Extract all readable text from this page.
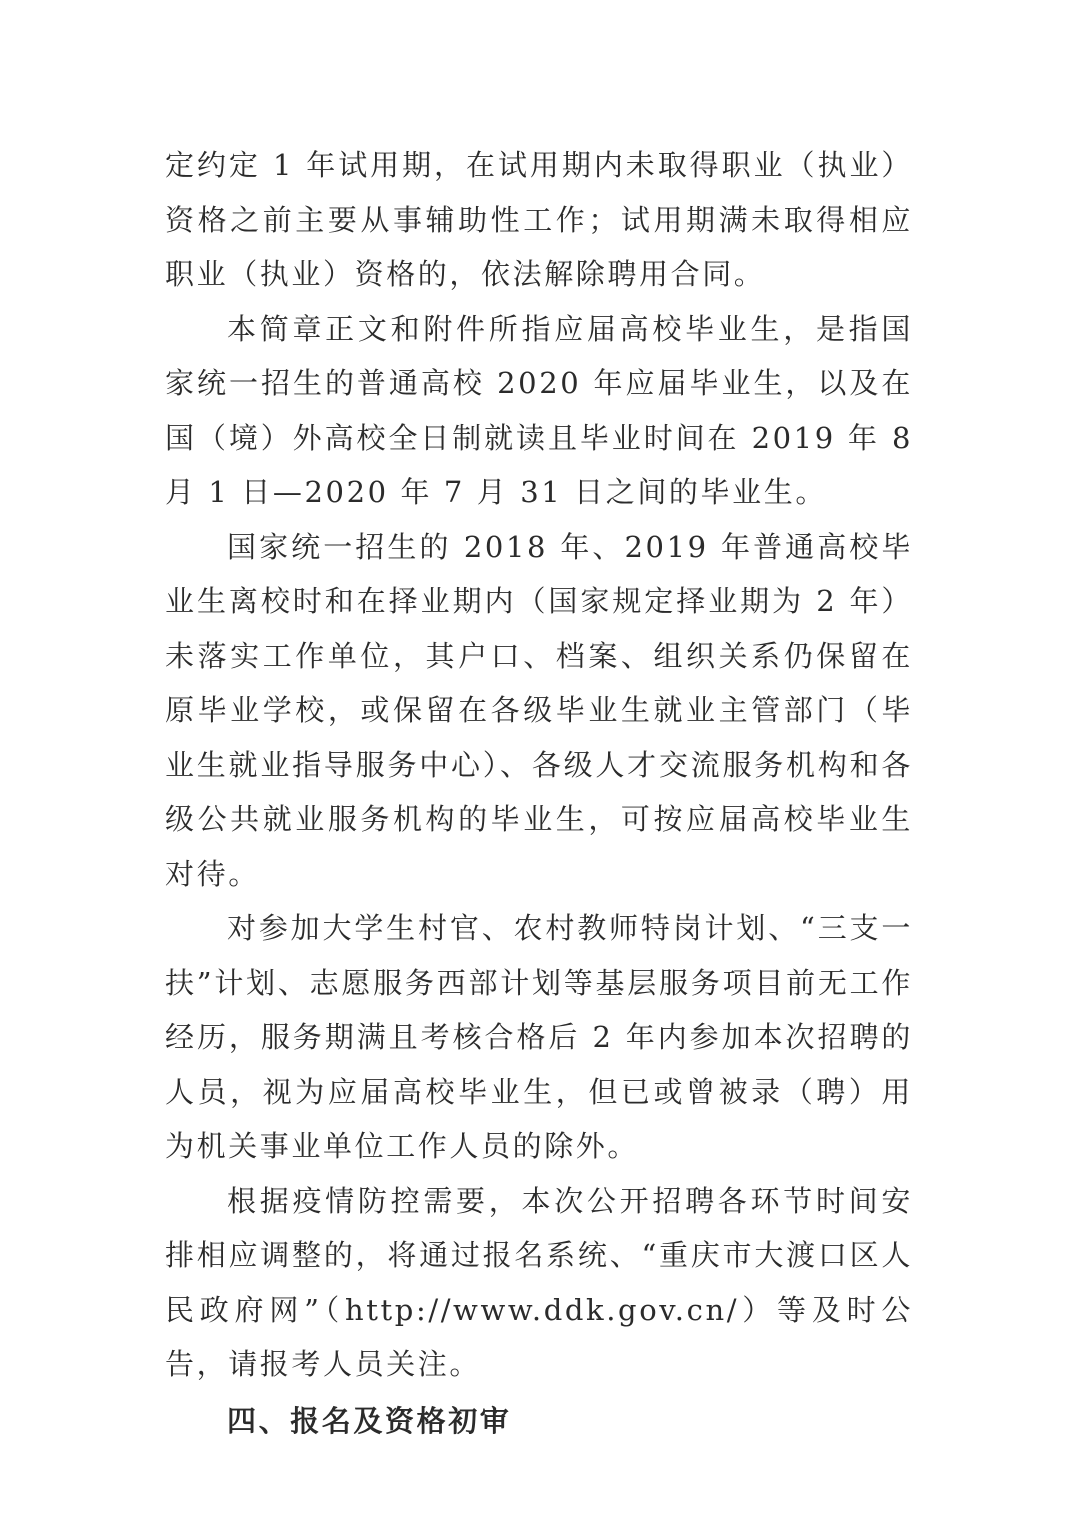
定约定 1 年试用期，在试用期内未取得职业（执业）资格之前主要从事辅助性工作；试用期满未取得相应职业（执业）资格的，依法解除聘用合同。

本简章正文和附件所指应届高校毕业生，是指国家统一招生的普通高校 2020 年应届毕业生，以及在国（境）外高校全日制就读且毕业时间在 2019 年 8 月 1 日—2020 年 7 月 31 日之间的毕业生。

国家统一招生的 2018 年、2019 年普通高校毕业生离校时和在择业期内（国家规定择业期为 2 年）未落实工作单位，其户口、档案、组织关系仍保留在原毕业学校，或保留在各级毕业生就业主管部门（毕业生就业指导服务中心）、各级人才交流服务机构和各级公共就业服务机构的毕业生，可按应届高校毕业生对待。

对参加大学生村官、农村教师特岗计划、“三支一扶”计划、志愿服务西部计划等基层服务项目前无工作经历，服务期满且考核合格后 2 年内参加本次招聘的人员，视为应届高校毕业生，但已或曾被录（聘）用为机关事业单位工作人员的除外。

根据疫情防控需要，本次公开招聘各环节时间安排相应调整的，将通过报名系统、“重庆市大渡口区人民政府网”（http://www.ddk.gov.cn/）等及时公告，请报考人员关注。

四、报名及资格初审
